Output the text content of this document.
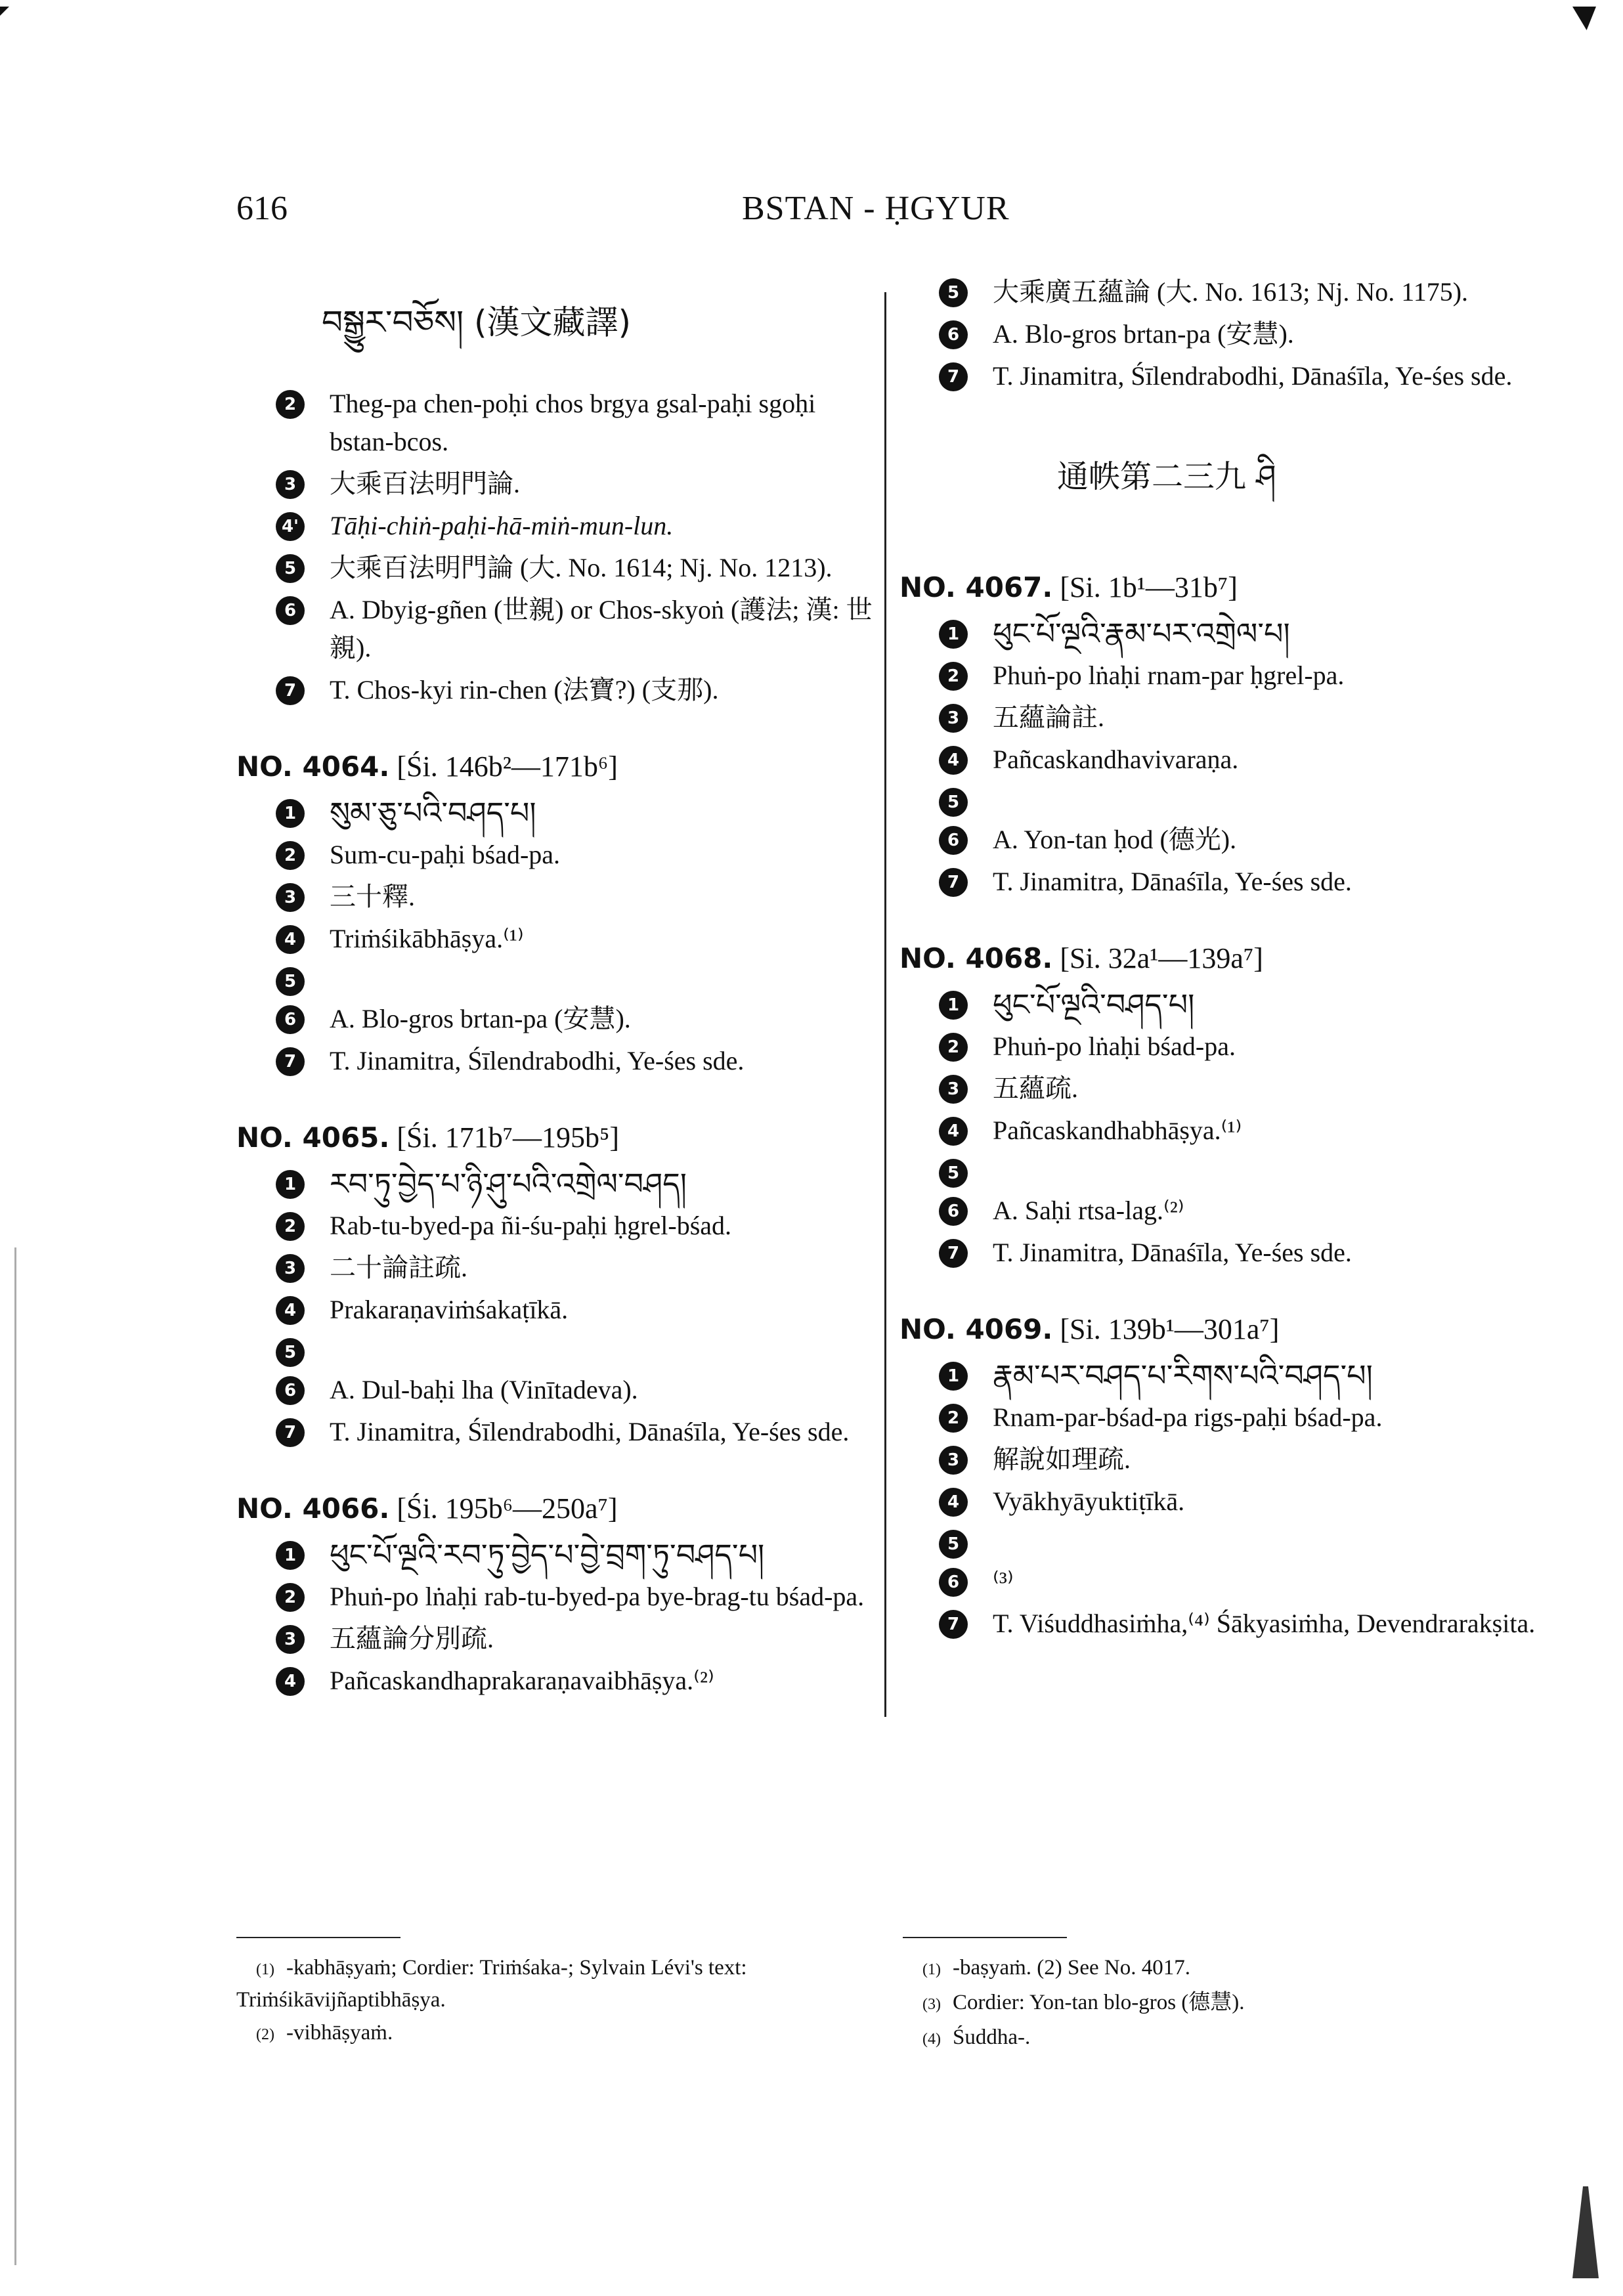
616	BSTAN - ḤGYUR
བསྒྱུར་བཅོས། (漢文藏譯)
2	Theg-pa chen-poḥi chos brgya gsal-paḥi sgoḥi bstan-bcos.
3	大乘百法明門論.
4' Tāḥi-chiṅ-paḥi-hā-miṅ-mun-lun.
5	大乘百法明門論 (大. No. 1614; Nj. No. 1213).
6	A. Dbyig-gñen (世親) or Chos-skyoṅ (護法; 漢: 世親).
7	T. Chos-kyi rin-chen (法寶?) (支那).
NO. 4064. [Śi. 146b²—171b⁶]
1 སུམ་ཅུ་པའི་བཤད་པ།
2	Sum-cu-paḥi bśad-pa.
3	三十釋.
4	Triṁśikābhāṣya.⁽¹⁾
5
6	A. Blo-gros brtan-pa (安慧).
7	T. Jinamitra, Śīlendrabodhi, Ye-śes sde.
NO. 4065. [Śi. 171b⁷—195b⁵]
1 རབ་ཏུ་བྱེད་པ་ཉི་ཤུ་པའི་འགྲེལ་བཤད།
2	Rab-tu-byed-pa ñi-śu-paḥi ḥgrel-bśad.
3	二十論註疏.
4	Prakaraṇaviṁśakaṭīkā.
5
6	A. Dul-baḥi lha (Vinītadeva).
7	T. Jinamitra, Śīlendrabodhi, Dānaśīla, Ye-śes sde.
NO. 4066. [Śi. 195b⁶—250a⁷]
1 ཕུང་པོ་ལྔའི་རབ་ཏུ་བྱེད་པ་བྱེ་བྲག་ཏུ་བཤད་པ།
2	Phuṅ-po lṅaḥi rab-tu-byed-pa bye-brag-tu bśad-pa.
3	五蘊論分別疏.
4	Pañcaskandhaprakaraṇavaibhāṣya.⁽²⁾
5	大乘廣五蘊論 (大. No. 1613; Nj. No. 1175).
6	A. Blo-gros brtan-pa (安慧).
7	T. Jinamitra, Śīlendrabodhi, Dānaśīla, Ye-śes sde.
通帙第二三九 ཤི
NO. 4067. [Si. 1b¹—31b⁷]
1 ཕུང་པོ་ལྔའི་རྣམ་པར་འགྲེལ་པ།
2	Phuṅ-po lṅaḥi rnam-par ḥgrel-pa.
3	五蘊論註.
4	Pañcaskandhavivaraṇa.
5
6	A. Yon-tan ḥod (德光).
7	T. Jinamitra, Dānaśīla, Ye-śes sde.
NO. 4068. [Si. 32a¹—139a⁷]
1 ཕུང་པོ་ལྔའི་བཤད་པ།
2	Phuṅ-po lṅaḥi bśad-pa.
3	五蘊疏.
4	Pañcaskandhabhāṣya.⁽¹⁾
5
6	A. Saḥi rtsa-lag.⁽²⁾
7	T. Jinamitra, Dānaśīla, Ye-śes sde.
NO. 4069. [Si. 139b¹—301a⁷]
1 རྣམ་པར་བཤད་པ་རིགས་པའི་བཤད་པ།
2	Rnam-par-bśad-pa rigs-paḥi bśad-pa.
3	解說如理疏.
4	Vyākhyāyuktiṭīkā.
5
6	⁽³⁾
7	T. Viśuddhasiṁha,⁽⁴⁾ Śākyasiṁha, Devendrarakṣita.
(1) -kabhāṣyaṁ; Cordier: Triṁśaka-; Sylvain Lévi's text: Triṁśikāvijñaptibhāṣya.
(2) -vibhāṣyaṁ.
(1) -baṣyaṁ. (2) See No. 4017.
(3) Cordier: Yon-tan blo-gros (德慧).
(4) Śuddha-.
